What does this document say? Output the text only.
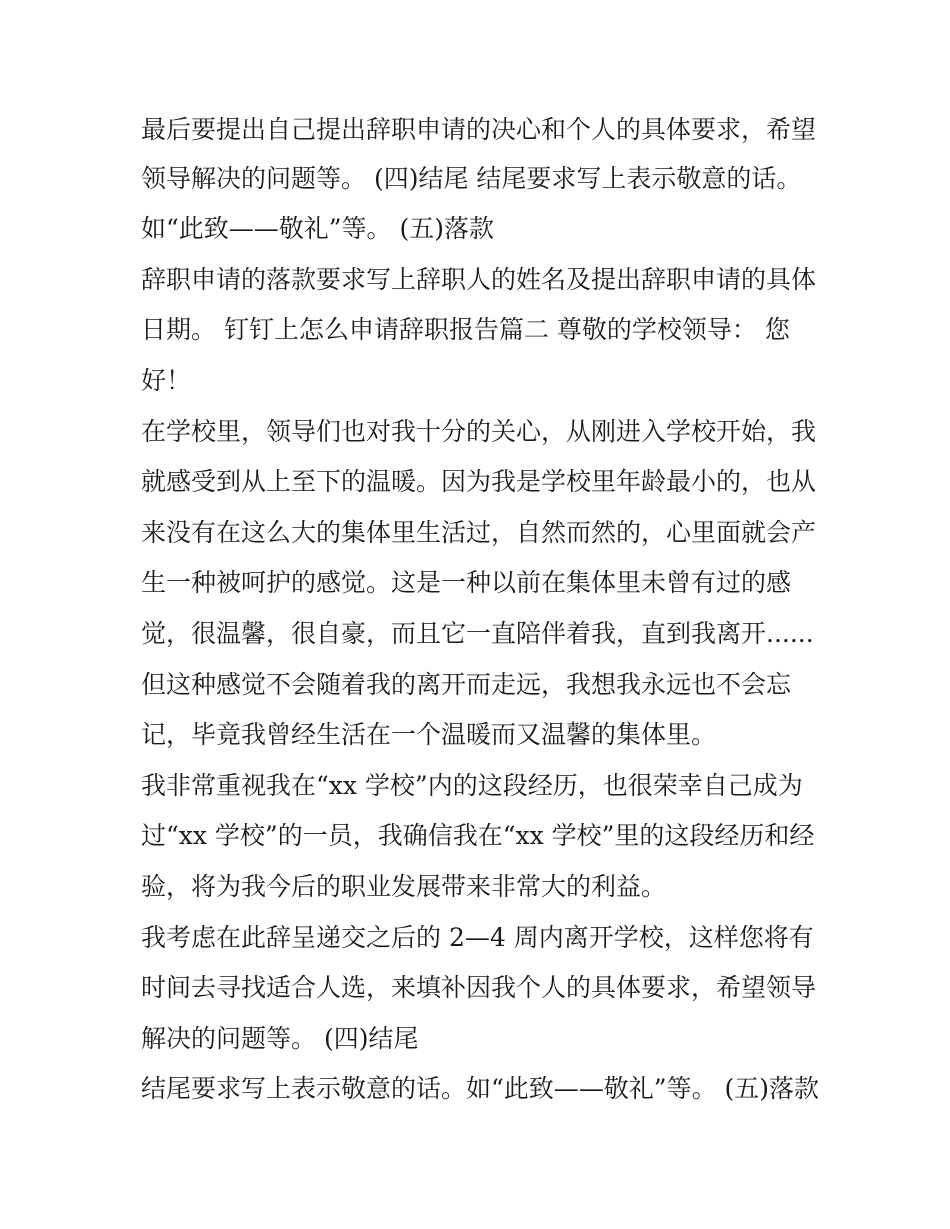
最后要提出自己提出辞职申请的决心和个人的具体要求，希望
领导解决的问题等。 (四)结尾 结尾要求写上表示敬意的话。
如“此致——敬礼”等。 (五)落款
辞职申请的落款要求写上辞职人的姓名及提出辞职申请的具体
日期。 钉钉上怎么申请辞职报告篇二 尊敬的学校领导： 您
好！
在学校里，领导们也对我十分的关心，从刚进入学校开始，我
就感受到从上至下的温暖。因为我是学校里年龄最小的，也从
来没有在这么大的集体里生活过，自然而然的，心里面就会产
生一种被呵护的感觉。这是一种以前在集体里未曾有过的感
觉，很温馨，很自豪，而且它一直陪伴着我，直到我离开......
但这种感觉不会随着我的离开而走远，我想我永远也不会忘
记，毕竟我曾经生活在一个温暖而又温馨的集体里。
我非常重视我在“xx 学校”内的这段经历，也很荣幸自己成为
过“xx 学校”的一员，我确信我在“xx 学校”里的这段经历和经
验，将为我今后的职业发展带来非常大的利益。
我考虑在此辞呈递交之后的 2—4 周内离开学校，这样您将有
时间去寻找适合人选，来填补因我个人的具体要求，希望领导
解决的问题等。 (四)结尾
结尾要求写上表示敬意的话。如“此致——敬礼”等。 (五)落款
